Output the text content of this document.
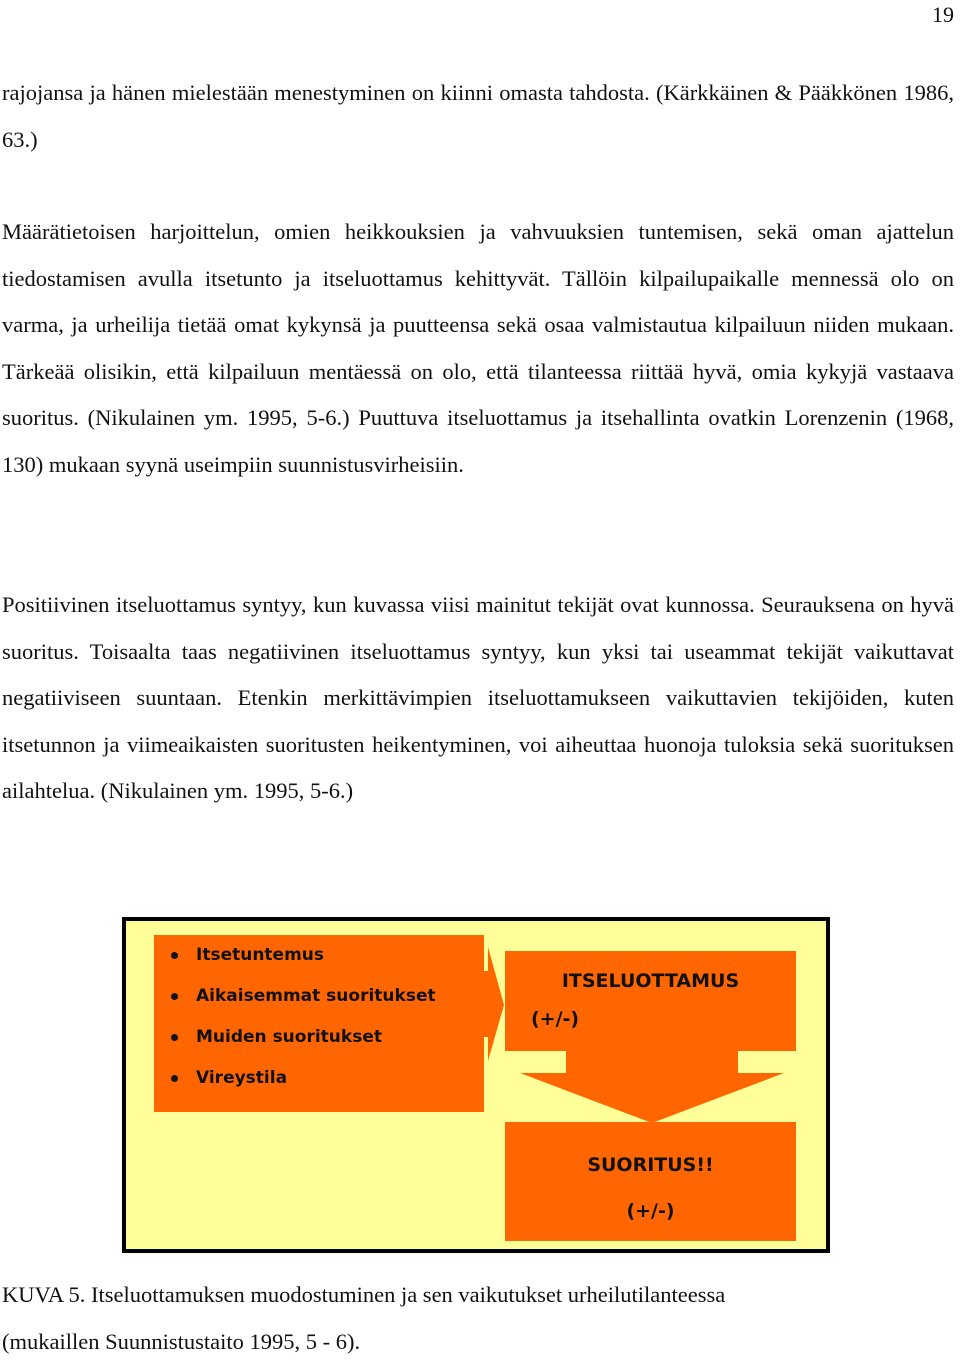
19

rajojansa ja hänen mielestään menestyminen on kiinni omasta tahdosta. (Kärkkäinen & Pääkkönen 1986, 63.)

Määrätietoisen harjoittelun, omien heikkouksien ja vahvuuksien tuntemisen, sekä oman ajattelun tiedostamisen avulla itsetunto ja itseluottamus kehittyvät. Tällöin kilpailupaikalle mennessä olo on varma, ja urheilija tietää omat kykynsä ja puutteensa sekä osaa valmistautua kilpailuun niiden mukaan. Tärkeää olisikin, että kilpailuun mentäessä on olo, että tilanteessa riittää hyvä, omia kykyjä vastaava suoritus. (Nikulainen ym. 1995, 5-6.) Puuttuva itseluottamus ja itsehallinta ovatkin Lorenzenin (1968, 130) mukaan syynä useimpiin suunnistusvirheisiin.

Positiivinen itseluottamus syntyy, kun kuvassa viisi mainitut tekijät ovat kunnossa. Seurauksena on hyvä suoritus. Toisaalta taas negatiivinen itseluottamus syntyy, kun yksi tai useammat tekijät vaikuttavat negatiiviseen suuntaan. Etenkin merkittävimpien itseluottamukseen vaikuttavien tekijöiden, kuten itsetunnon ja viimeaikaisten suoritusten heikentyminen, voi aiheuttaa huonoja tuloksia sekä suorituksen ailahtelua. (Nikulainen ym. 1995, 5-6.)

Itsetuntemus
Aikaisemmat suoritukset
Muiden suoritukset
Vireystila
ITSELUOTTAMUS
(+/-)
SUORITUS!!
(+/-)
KUVA 5. Itseluottamuksen muodostuminen ja sen vaikutukset urheilutilanteessa
(mukaillen Suunnistustaito 1995, 5 - 6).
